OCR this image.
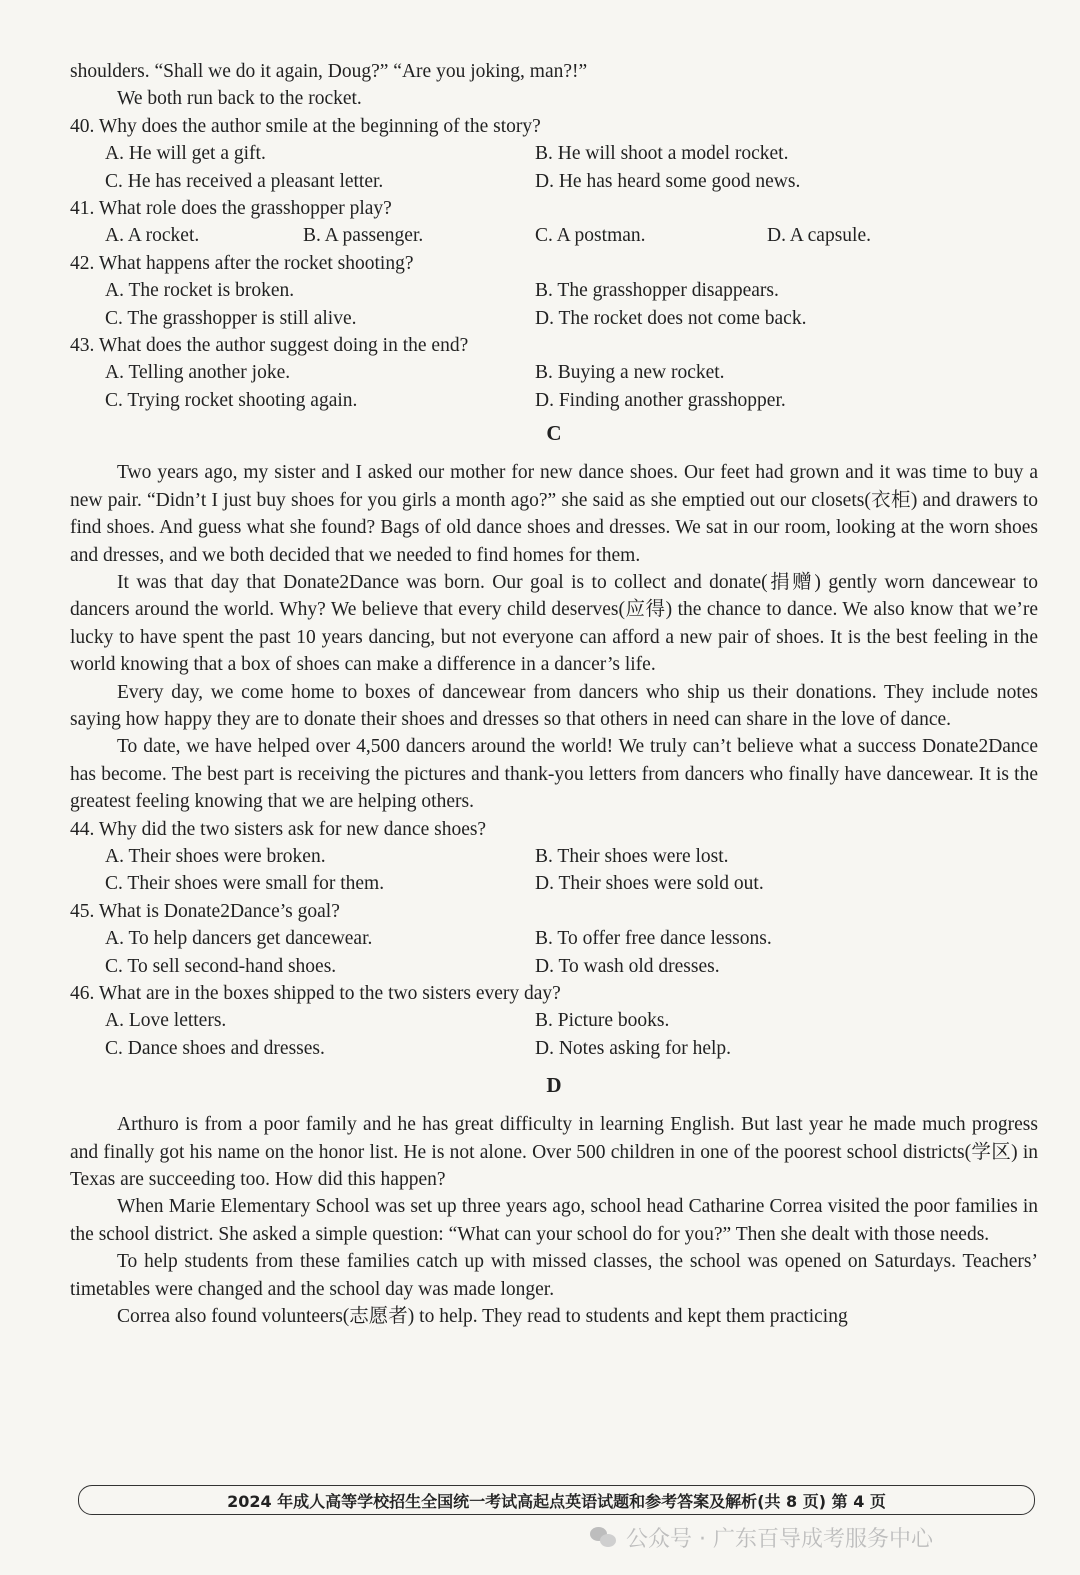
shoulders. “Shall we do it again, Doug?” “Are you joking, man?!”
We both run back to the rocket.
40. Why does the author smile at the beginning of the story?
A. He will get a gift.	B. He will shoot a model rocket.
C. He has received a pleasant letter.	D. He has heard some good news.
41. What role does the grasshopper play?
A. A rocket.	B. A passenger.	C. A postman.	D. A capsule.
42. What happens after the rocket shooting?
A. The rocket is broken.	B. The grasshopper disappears.
C. The grasshopper is still alive.	D. The rocket does not come back.
43. What does the author suggest doing in the end?
A. Telling another joke.	B. Buying a new rocket.
C. Trying rocket shooting again.	D. Finding another grasshopper.
C
Two years ago, my sister and I asked our mother for new dance shoes. Our feet had grown and it was time to buy a new pair. “Didn’t I just buy shoes for you girls a month ago?” she said as she emptied out our closets(衣柜) and drawers to find shoes. And guess what she found? Bags of old dance shoes and dresses. We sat in our room, looking at the worn shoes and dresses, and we both decided that we needed to find homes for them.
It was that day that Donate2Dance was born. Our goal is to collect and donate(捐赠) gently worn dancewear to dancers around the world. Why? We believe that every child deserves(应得) the chance to dance. We also know that we’re lucky to have spent the past 10 years dancing, but not everyone can afford a new pair of shoes. It is the best feeling in the world knowing that a box of shoes can make a difference in a dancer’s life.
Every day, we come home to boxes of dancewear from dancers who ship us their donations. They include notes saying how happy they are to donate their shoes and dresses so that others in need can share in the love of dance.
To date, we have helped over 4,500 dancers around the world! We truly can’t believe what a success Donate2Dance has become. The best part is receiving the pictures and thank-you letters from dancers who finally have dancewear. It is the greatest feeling knowing that we are helping others.
44. Why did the two sisters ask for new dance shoes?
A. Their shoes were broken.	B. Their shoes were lost.
C. Their shoes were small for them.	D. Their shoes were sold out.
45. What is Donate2Dance’s goal?
A. To help dancers get dancewear.	B. To offer free dance lessons.
C. To sell second-hand shoes.	D. To wash old dresses.
46. What are in the boxes shipped to the two sisters every day?
A. Love letters.	B. Picture books.
C. Dance shoes and dresses.	D. Notes asking for help.
D
Arthuro is from a poor family and he has great difficulty in learning English. But last year he made much progress and finally got his name on the honor list. He is not alone. Over 500 children in one of the poorest school districts(学区) in Texas are succeeding too. How did this happen?
When Marie Elementary School was set up three years ago, school head Catharine Correa visited the poor families in the school district. She asked a simple question: “What can your school do for you?” Then she dealt with those needs.
To help students from these families catch up with missed classes, the school was opened on Saturdays. Teachers’ timetables were changed and the school day was made longer.
Correa also found volunteers(志愿者) to help. They read to students and kept them practicing
2024 年成人高等学校招生全国统一考试高起点英语试题和参考答案及解析(共 8 页) 第 4 页
公众号 · 广东百导成考服务中心
